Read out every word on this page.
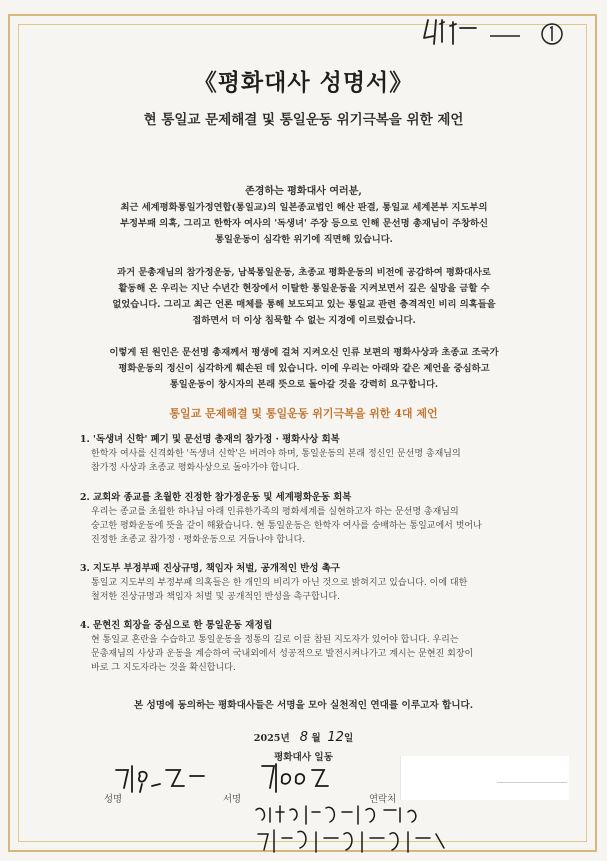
《평화대사 성명서》
현 통일교 문제해결 및 통일운동 위기극복을 위한 제언
존경하는 평화대사 여러분,
최근 세계평화통일가정연합(통일교)의 일본종교법인 해산 판결, 통일교 세계본부 지도부의
부정부패 의혹, 그리고 한학자 여사의 '독생녀' 주장 등으로 인해 문선명 총재님이 주창하신
통일운동이 심각한 위기에 직면해 있습니다.
과거 문총재님의 참가정운동, 남북통일운동, 초종교 평화운동의 비전에 공감하여 평화대사로
활동해 온 우리는 지난 수년간 현장에서 이탈한 통일운동을 지켜보면서 깊은 실망을 금할 수
없었습니다. 그리고 최근 언론 매체를 통해 보도되고 있는 통일교 관련 충격적인 비리 의혹들을
접하면서 더 이상 침묵할 수 없는 지경에 이르렀습니다.
이렇게 된 원인은 문선명 총재께서 평생에 걸쳐 지켜오신 인류 보편의 평화사상과 초종교 조국가
평화운동의 정신이 심각하게 훼손된 데 있습니다. 이에 우리는 아래와 같은 제언을 중심하고
통일운동이 창시자의 본래 뜻으로 돌아갈 것을 강력히 요구합니다.
통일교 문제해결 및 통일운동 위기극복을 위한 4대 제언
1. '독생녀 신학' 폐기 및 문선명 총재의 참가정 · 평화사상 회복
한학자 여사를 신격화한 '독생녀 신학'은 버려야 하며, 통일운동의 본래 정신인 문선명 총재님의
참가정 사상과 초종교 평화사상으로 돌아가야 합니다.
2. 교회와 종교를 초월한 진정한 참가정운동 및 세계평화운동 회복
우리는 종교를 초월한 하나님 아래 인류한가족의 평화세계를 실현하고자 하는 문선명 총재님의
숭고한 평화운동에 뜻을 같이 해왔습니다. 현 통일운동은 한학자 여사를 숭배하는 통일교에서 벗어나
진정한 초종교 참가정 · 평화운동으로 거듭나야 합니다.
3. 지도부 부정부패 진상규명, 책임자 처벌, 공개적인 반성 촉구
통일교 지도부의 부정부패 의혹들은 한 개인의 비리가 아닌 것으로 밝혀지고 있습니다. 이에 대한
철저한 진상규명과 책임자 처벌 및 공개적인 반성을 촉구합니다.
4. 문현진 회장을 중심으로 한 통일운동 재정립
현 통일교 혼란을 수습하고 통일운동을 정통의 길로 이끌 참된 지도자가 있어야 합니다. 우리는
문총재님의 사상과 운동을 계승하여 국내외에서 성공적으로 발전시켜나가고 계시는 문현진 회장이
바로 그 지도자라는 것을 확신합니다.
본 성명에 동의하는 평화대사들은 서명을 모아 실천적인 연대를 이루고자 합니다.
2025년 8 월 12일
평화대사 일동
성명	서명	연락처
